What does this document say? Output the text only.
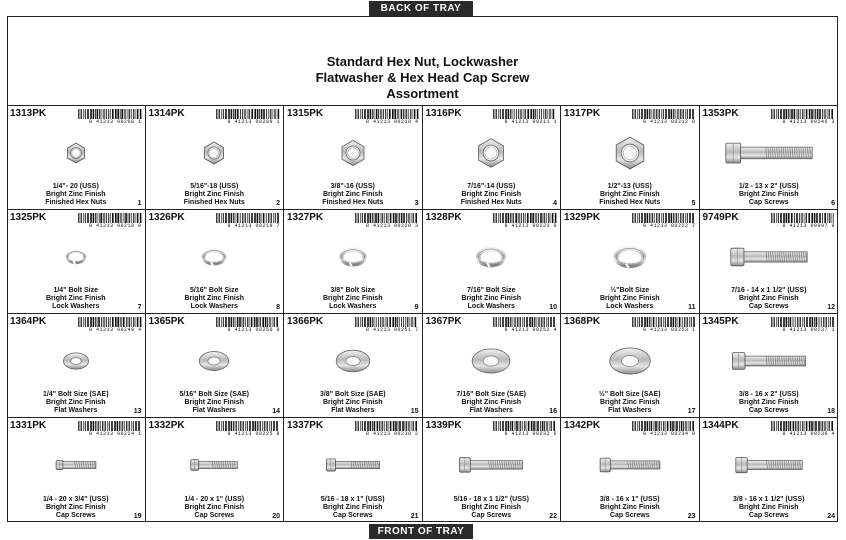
BACK OF TRAY
Standard Hex Nut, Lockwasher
Flatwasher & Hex Head Cap Screw
Assortment
1313PK
8 41213 00208 1
1/4"- 20 (USS)
Bright Zinc Finish
Finished Hex Nuts	1
1314PK
8 41213 00209 1
5/16"-18 (USS)
Bright Zinc Finish
Finished Hex Nuts	2
1315PK
8 41213 00210 4
3/8"-16 (USS)
Bright Zinc Finish
Finished Hex Nuts	3
1316PK
8 41213 00211 1
7/16"-14 (USS)
Bright Zinc Finish
Finished Hex Nuts	4
1317PK
8 41213 00212 8
1/2"-13 (USS)
Bright Zinc Finish
Finished Hex Nuts	5
1353PK
8 41213 00246 3
1/2 - 13 x 2" (USS)
Bright Zinc Finish
Cap Screws	6
1325PK
8 41213 00218 0
1/4" Bolt Size
Bright Zinc Finish
Lock Washers	7
1326PK
8 41213 00219 7
5/16" Bolt Size
Bright Zinc Finish
Lock Washers	8
1327PK
8 41213 00220 3
3/8" Bolt Size
Bright Zinc Finish
Lock Washers	9
1328PK
8 41213 00221 0
7/16" Bolt Size
Bright Zinc Finish
Lock Washers	10
1329PK
8 41213 00222 7
½"Bolt Size
Bright Zinc Finish
Lock Washers	11
9749PK
8 41213 00997 9
7/16 - 14 x 1 1/2" (USS)
Bright Zinc Finish
Cap Screws	12
1364PK
8 41213 00249 4
1/4" Bolt Size (SAE)
Bright Zinc Finish
Flat Washers	13
1365PK
8 41213 00250 0
5/16" Bolt Size (SAE)
Bright Zinc Finish
Flat Washers	14
1366PK
8 41213 00251 7
3/8" Bolt Size (SAE)
Bright Zinc Finish
Flat Washers	15
1367PK
8 41213 00252 4
7/16" Bolt Size (SAE)
Bright Zinc Finish
Flat Washers	16
1368PK
8 41213 00253 1
½" Bolt Size (SAE)
Bright Zinc Finish
Flat Washers	17
1345PK
8 41213 00237 1
3/8 - 16 x 2" (USS)
Bright Zinc Finish
Cap Screws	18
1331PK
8 41213 00224 1
1/4 - 20 x 3/4" (USS)
Bright Zinc Finish
Cap Screws	19
1332PK
8 41213 00225 8
1/4 - 20 x 1" (USS)
Bright Zinc Finish
Cap Screws	20
1337PK
8 41213 00230 2
5/16 - 18 x 1" (USS)
Bright Zinc Finish
Cap Screws	21
1339PK
8 41213 00232 6
5/16 - 18 x 1 1/2" (USS)
Bright Zinc Finish
Cap Screws	22
1342PK
8 41213 00234 0
3/8 - 16 x 1" (USS)
Bright Zinc Finish
Cap Screws	23
1344PK
8 41213 00236 4
3/8 - 16 x 1 1/2" (USS)
Bright Zinc Finish
Cap Screws	24
FRONT OF TRAY
